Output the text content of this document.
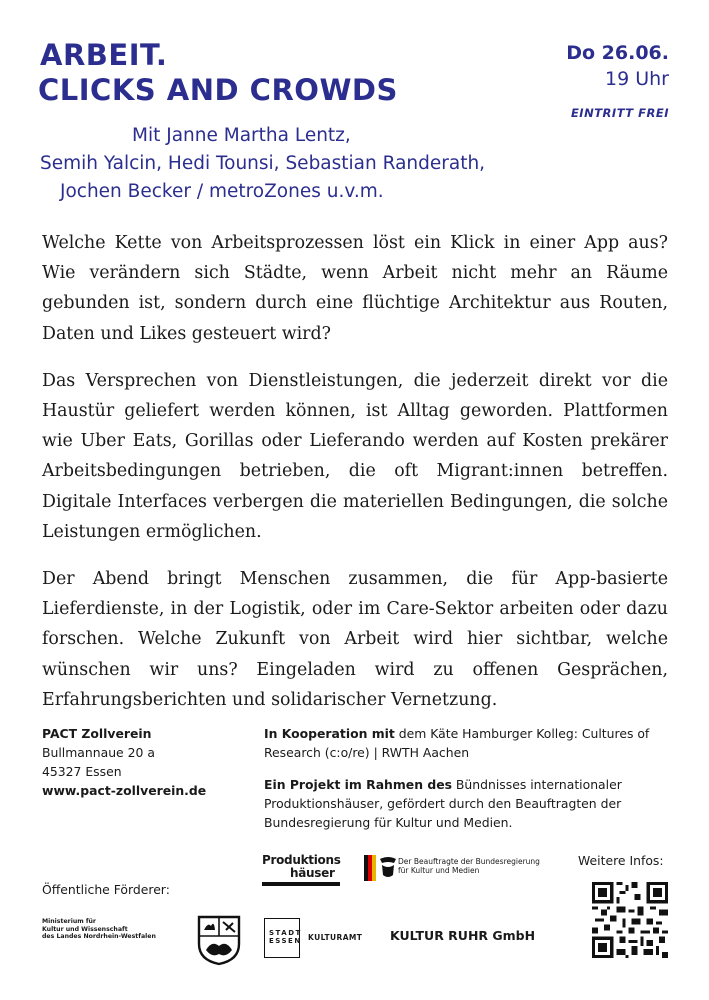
ARBEIT.
CLICKS AND CROWDS
Do 26.06.
19 Uhr
EINTRITT FREI
Mit Janne Martha Lentz,
Semih Yalcin, Hedi Tounsi, Sebastian Randerath,
Jochen Becker / metroZones u.v.m.

Welche Kette von Arbeitsprozessen löst ein Klick in einer App aus? Wie verändern sich Städte, wenn Arbeit nicht mehr an Räume gebunden ist, sondern durch eine flüchtige Architektur aus Routen, Daten und Likes gesteuert wird?

Das Versprechen von Dienstleistungen, die jederzeit direkt vor die Haustür geliefert werden können, ist Alltag geworden. Plattformen wie Uber Eats, Gorillas oder Lieferando werden auf Kosten prekärer Arbeitsbedingungen betrieben, die oft Migrant:innen betreffen. Digitale Interfaces verbergen die materiellen Bedingungen, die solche Leistungen ermöglichen.

Der Abend bringt Menschen zusammen, die für App-basierte Lieferdienste, in der Logistik, oder im Care-Sektor arbeiten oder dazu forschen. Welche Zukunft von Arbeit wird hier sichtbar, welche wünschen wir uns? Eingeladen wird zu offenen Gesprächen, Erfahrungsberichten und solidarischer Vernetzung.

PACT Zollverein
Bullmannaue 20 a
45327 Essen
www.pact-zollverein.de

In Kooperation mit dem Käte Hamburger Kolleg: Cultures of Research (c:o/re) | RWTH Aachen

Ein Projekt im Rahmen des Bündnisses internationaler Produktionshäuser, gefördert durch den Beauftragten der Bundesregierung für Kultur und Medien.

Produktions
häuser
Der Beauftragte der Bundesregierung
für Kultur und Medien
Weitere Infos:
Öffentliche Förderer:
Ministerium für
Kultur und Wissenschaft
des Landes Nordrhein-Westfalen	STADT
ESSEN KULTURAMT KULTUR RUHR GmbH
